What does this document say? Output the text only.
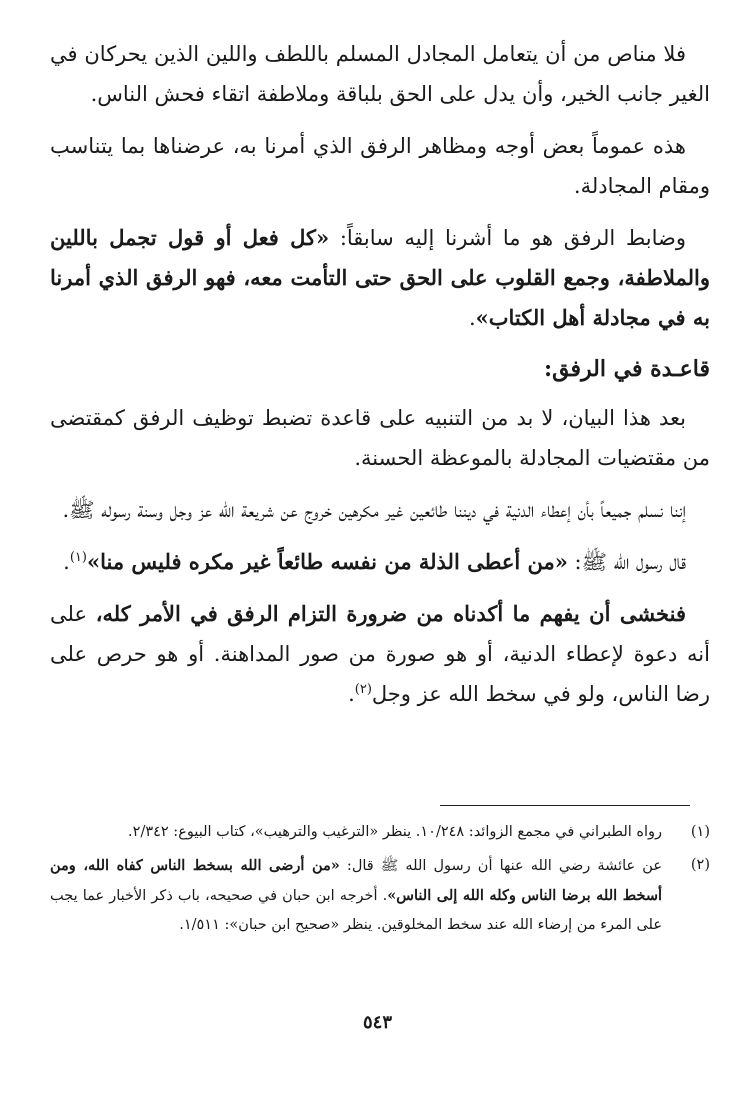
فلا مناص من أن يتعامل المجادل المسلم باللطف واللين الذين يحركان في الغير جانب الخير، وأن يدل على الحق بلباقة وملاطفة اتقاء فحش الناس.

هذه عموماً بعض أوجه ومظاهر الرفق الذي أمرنا به، عرضناها بما يتناسب ومقام المجادلة.

وضابط الرفق هو ما أشرنا إليه سابقاً: «كل فعل أو قول تجمل باللين والملاطفة، وجمع القلوب على الحق حتى التأمت معه، فهو الرفق الذي أمرنا به في مجادلة أهل الكتاب».

قاعـدة في الرفق:

بعد هذا البيان، لا بد من التنبيه على قاعدة تضبط توظيف الرفق كمقتضى من مقتضيات المجادلة بالموعظة الحسنة.

إننا نسلم جميعاً بأن إعطاء الدنية في ديننا طائعين غير مكرهين خروج عن شريعة الله عز وجل وسنة رسوله ﷺ.

قال رسول الله ﷺ: «من أعطى الذلة من نفسه طائعاً غير مكره فليس منا»$^{(١)}$.

فنخشى أن يفهم ما أكدناه من ضرورة التزام الرفق في الأمر كله، على أنه دعوة لإعطاء الدنية، أو هو صورة من صور المداهنة. أو هو حرص على رضا الناس، ولو في سخط الله عز وجل$^{(٢)}$.

(١)
رواه الطبراني في مجمع الزوائد: ١٠/٢٤٨. ينظر «الترغيب والترهيب»، كتاب البيوع: ٢/٣٤٢.
(٢)
عن عائشة رضي الله عنها أن رسول الله ﷺ قال: «من أرضى الله بسخط الناس كفاه الله، ومن أسخط الله برضا الناس وكله الله إلى الناس». أخرجه ابن حبان في صحيحه، باب ذكر الأخبار عما يجب على المرء من إرضاء الله عند سخط المخلوقين. ينظر «صحيح ابن حبان»: ١/٥١١.
٥٤٣
